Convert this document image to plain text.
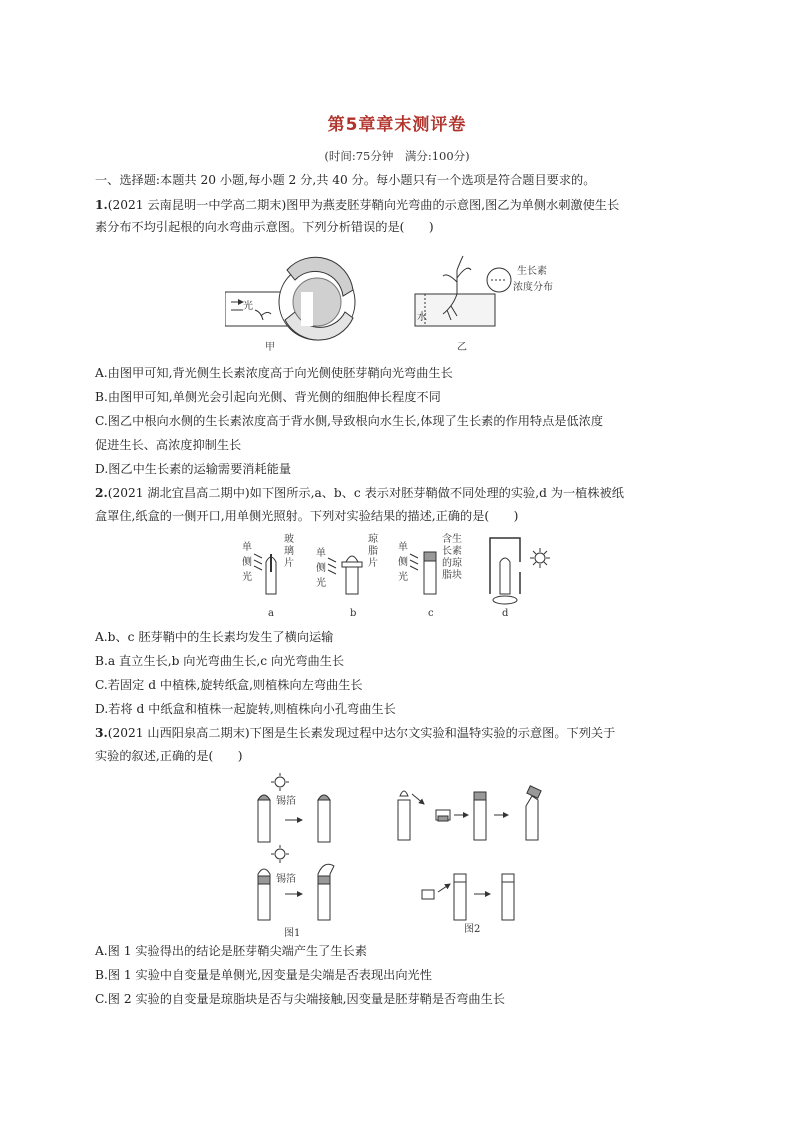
第5章章末测评卷
(时间:75分钟　满分:100分)
一、选择题:本题共 20 小题,每小题 2 分,共 40 分。每小题只有一个选项是符合题目要求的。
1.(2021 云南昆明一中学高二期末)图甲为燕麦胚芽鞘向光弯曲的示意图,图乙为单侧水刺激使生长
素分布不均引起根的向水弯曲示意图。下列分析错误的是(　　)
光
甲
水
生长素
浓度分布
乙
A.由图甲可知,背光侧生长素浓度高于向光侧使胚芽鞘向光弯曲生长
B.由图甲可知,单侧光会引起向光侧、背光侧的细胞伸长程度不同
C.图乙中根向水侧的生长素浓度高于背水侧,导致根向水生长,体现了生长素的作用特点是低浓度
促进生长、高浓度抑制生长
D.图乙中生长素的运输需要消耗能量
2.(2021 湖北宜昌高二期中)如下图所示,a、b、c 表示对胚芽鞘做不同处理的实验,d 为一植株被纸
盒罩住,纸盒的一侧开口,用单侧光照射。下列对实验结果的描述,正确的是(　　)
单
侧
光
玻
璃
片
a
单
侧
光
琼
脂
片
b
单
侧
光
含生
长素
的琼
脂块
c	d
A.b、c 胚芽鞘中的生长素均发生了横向运输
B.a 直立生长,b 向光弯曲生长,c 向光弯曲生长
C.若固定 d 中植株,旋转纸盒,则植株向左弯曲生长
D.若将 d 中纸盒和植株一起旋转,则植株向小孔弯曲生长
3.(2021 山西阳泉高二期末)下图是生长素发现过程中达尔文实验和温特实验的示意图。下列关于
实验的叙述,正确的是(　　)
锡箔
锡箔
图1	图2
A.图 1 实验得出的结论是胚芽鞘尖端产生了生长素
B.图 1 实验中自变量是单侧光,因变量是尖端是否表现出向光性
C.图 2 实验的自变量是琼脂块是否与尖端接触,因变量是胚芽鞘是否弯曲生长
